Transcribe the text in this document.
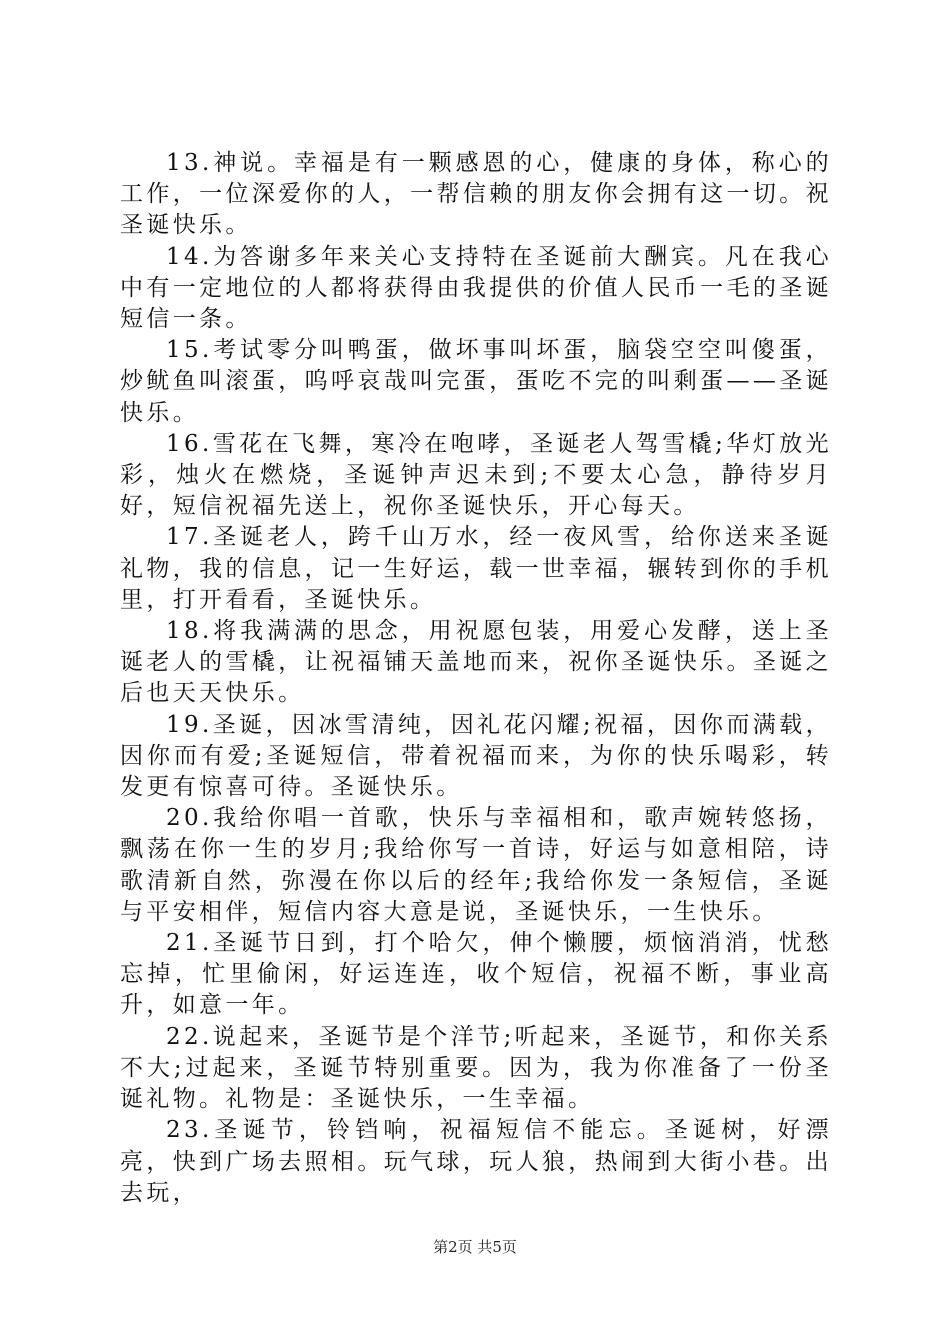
13.神说。幸福是有一颗感恩的心，健康的身体，称心的工作，一位深爱你的人，一帮信赖的朋友你会拥有这一切。祝圣诞快乐。

14.为答谢多年来关心支持特在圣诞前大酬宾。凡在我心中有一定地位的人都将获得由我提供的价值人民币一毛的圣诞短信一条。

15.考试零分叫鸭蛋，做坏事叫坏蛋，脑袋空空叫傻蛋，炒鱿鱼叫滚蛋，呜呼哀哉叫完蛋，蛋吃不完的叫剩蛋——圣诞快乐。

16.雪花在飞舞，寒冷在咆哮，圣诞老人驾雪橇;华灯放光彩，烛火在燃烧，圣诞钟声迟未到;不要太心急，静待岁月好，短信祝福先送上，祝你圣诞快乐，开心每天。

17.圣诞老人，跨千山万水，经一夜风雪，给你送来圣诞礼物，我的信息，记一生好运，载一世幸福，辗转到你的手机里，打开看看，圣诞快乐。

18.将我满满的思念，用祝愿包装，用爱心发酵，送上圣诞老人的雪橇，让祝福铺天盖地而来，祝你圣诞快乐。圣诞之后也天天快乐。

19.圣诞，因冰雪清纯，因礼花闪耀;祝福，因你而满载，因你而有爱;圣诞短信，带着祝福而来，为你的快乐喝彩，转发更有惊喜可待。圣诞快乐。

20.我给你唱一首歌，快乐与幸福相和，歌声婉转悠扬，飘荡在你一生的岁月;我给你写一首诗，好运与如意相陪，诗歌清新自然，弥漫在你以后的经年;我给你发一条短信，圣诞与平安相伴，短信内容大意是说，圣诞快乐，一生快乐。

21.圣诞节日到，打个哈欠，伸个懒腰，烦恼消消，忧愁忘掉，忙里偷闲，好运连连，收个短信，祝福不断，事业高升，如意一年。

22.说起来，圣诞节是个洋节;听起来，圣诞节，和你关系不大;过起来，圣诞节特别重要。因为，我为你准备了一份圣诞礼物。礼物是：圣诞快乐，一生幸福。

23.圣诞节，铃铛响，祝福短信不能忘。圣诞树，好漂亮，快到广场去照相。玩气球，玩人狼，热闹到大街小巷。出去玩，

第2页 共5页
